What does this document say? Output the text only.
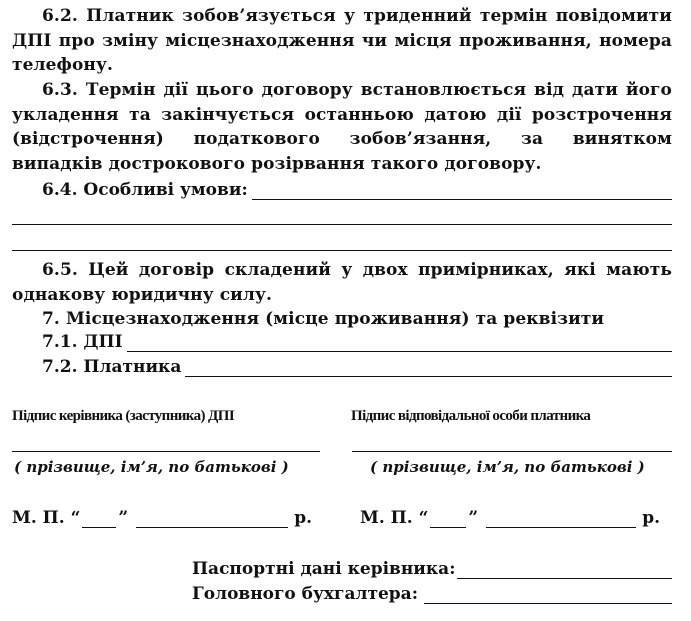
6.2. Платник зобов’язується у триденний термін повідомити ДПІ про зміну місцезнаходження чи місця проживання, номера телефону.
6.3. Термін дії цього договору встановлюється від дати його укладення та закінчується останньою датою дії розстрочення (відстрочення) податкового зобов’язання, за винятком випадків дострокового розірвання такого договору.
6.4. Особливі умови:
6.5. Цей договір складений у двох примірниках, які мають однакову юридичну силу.
7. Місцезнаходження (місце проживання) та реквізити
7.1. ДПІ
7.2. Платника
Підпис керівника (заступника) ДПІ	Підпис відповідальної особи платника
( прізвище, ім’я, по батькові )	( прізвище, ім’я, по батькові )
М. П. “ ”	р.	М. П. “ ”	р.
Паспортні дані керівника:
Головного бухгалтера:
